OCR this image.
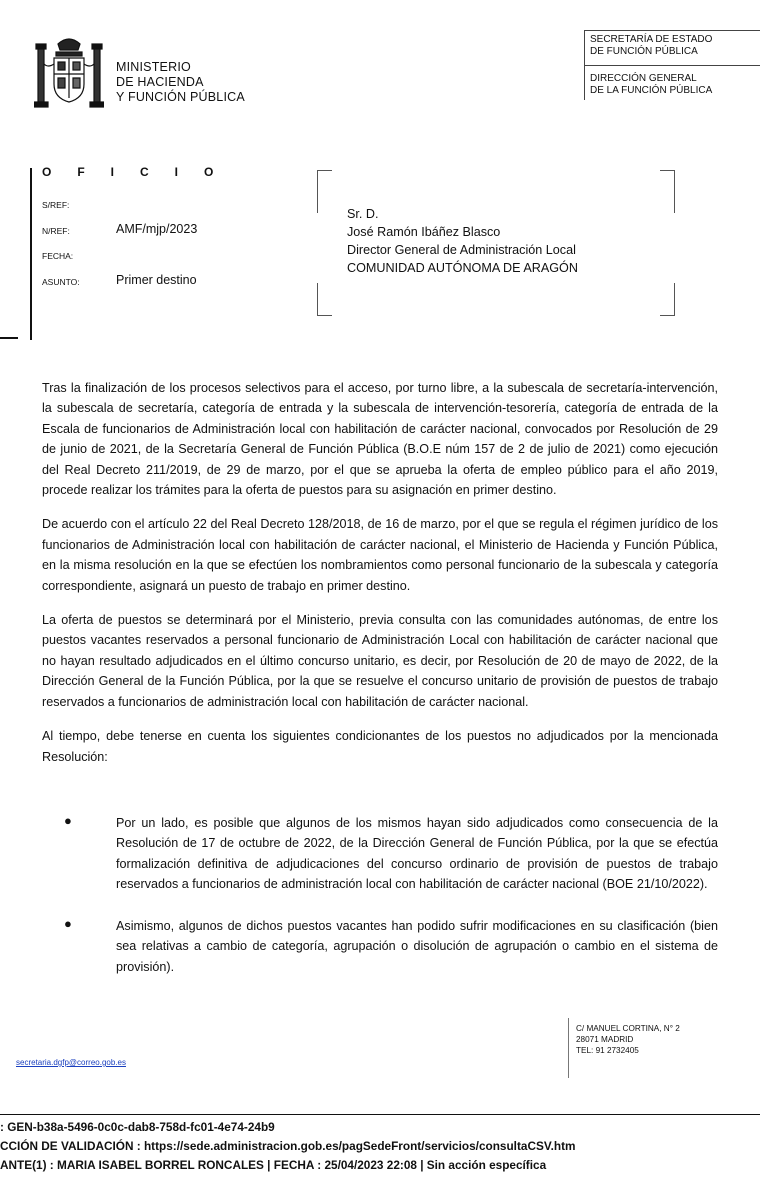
MINISTERIO
DE HACIENDA
Y FUNCIÓN PÚBLICA
SECRETARÍA DE ESTADO
DE FUNCIÓN PÚBLICA
DIRECCIÓN GENERAL
DE LA FUNCIÓN PÚBLICA
OFICIO
S/REF:
N/REF:	AMF/mjp/2023
FECHA:
ASUNTO:	Primer destino
Sr. D.
José Ramón Ibáñez Blasco
Director General de Administración Local
COMUNIDAD AUTÓNOMA DE ARAGÓN

Tras la finalización de los procesos selectivos para el acceso, por turno libre, a la subescala de secretaría-intervención, la subescala de secretaría, categoría de entrada y la subescala de intervención-tesorería, categoría de entrada de la Escala de funcionarios de Administración local con habilitación de carácter nacional, convocados por Resolución de 29 de junio de 2021, de la Secretaría General de Función Pública (B.O.E núm 157 de 2 de julio de 2021) como ejecución del Real Decreto 211/2019, de 29 de marzo, por el que se aprueba la oferta de empleo público para el año 2019, procede realizar los trámites para la oferta de puestos para su asignación en primer destino.

De acuerdo con el artículo 22 del Real Decreto 128/2018, de 16 de marzo, por el que se regula el régimen jurídico de los funcionarios de Administración local con habilitación de carácter nacional, el Ministerio de Hacienda y Función Pública, en la misma resolución en la que se efectúen los nombramientos como personal funcionario de la subescala y categoría correspondiente, asignará un puesto de trabajo en primer destino.

La oferta de puestos se determinará por el Ministerio, previa consulta con las comunidades autónomas, de entre los puestos vacantes reservados a personal funcionario de Administración Local con habilitación de carácter nacional que no hayan resultado adjudicados en el último concurso unitario, es decir, por Resolución de 20 de mayo de 2022, de la Dirección General de la Función Pública, por la que se resuelve el concurso unitario de provisión de puestos de trabajo reservados a funcionarios de administración local con habilitación de carácter nacional.

Al tiempo, debe tenerse en cuenta los siguientes condicionantes de los puestos no adjudicados por la mencionada Resolución:

●	Por un lado, es posible que algunos de los mismos hayan sido adjudicados como consecuencia de la Resolución de 17 de octubre de 2022, de la Dirección General de Función Pública, por la que se efectúa formalización definitiva de adjudicaciones del concurso ordinario de provisión de puestos de trabajo reservados a funcionarios de administración local con habilitación de carácter nacional (BOE 21/10/2022).
●	Asimismo, algunos de dichos puestos vacantes han podido sufrir modificaciones en su clasificación (bien sea relativas a cambio de categoría, agrupación o disolución de agrupación o cambio en el sistema de provisión).
secretaria.dgfp@correo.gob.es
C/ MANUEL CORTINA, N° 2
28071 MADRID
TEL: 91 2732405
: GEN-b38a-5496-0c0c-dab8-758d-fc01-4e74-24b9
CCIÓN DE VALIDACIÓN : https://sede.administracion.gob.es/pagSedeFront/servicios/consultaCSV.htm
ANTE(1) : MARIA ISABEL BORREL RONCALES | FECHA : 25/04/2023 22:08 | Sin acción específica
